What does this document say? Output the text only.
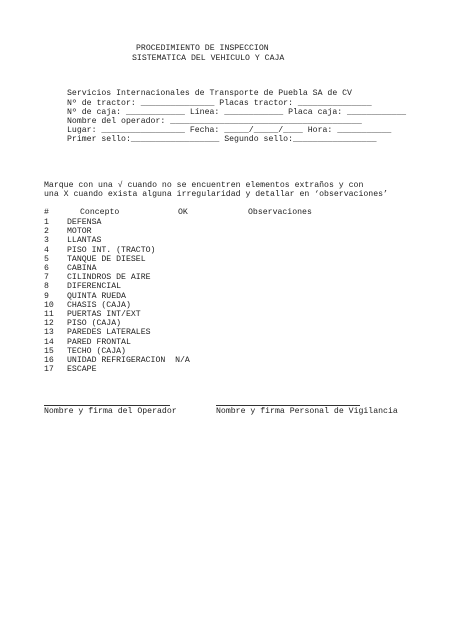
PROCEDIMIENTO DE INSPECCION
SISTEMATICA DEL VEHICULO Y CAJA
Servicios Internacionales de Transporte de Puebla SA de CV
Nº de tractor: _______________ Placas tractor: _______________
Nº de caja: ____________ Línea: ____________ Placa caja: ____________
Nombre del operador: _______________________________________
Lugar: _________________ Fecha: _____/_____/____ Hora: ___________
Primer sello:__________________ Segundo sello:_________________
Marque con una √ cuando no se encuentren elementos extraños y con
una X cuando exista alguna irregularidad y detallar en ‘observaciones’
#	Concepto	OK	Observaciones
1 DEFENSA
2 MOTOR
3 LLANTAS
4 PISO INT. (TRACTO)
5 TANQUE DE DIESEL
6 CABINA
7 CILINDROS DE AIRE
8 DIFERENCIAL
9 QUINTA RUEDA
10 CHASIS (CAJA)
11 PUERTAS INT/EXT
12 PISO (CAJA)
13 PAREDES LATERALES
14 PARED FRONTAL
15 TECHO (CAJA)
16 UNIDAD REFRIGERACION  N/A
17 ESCAPE
Nombre y firma del Operador	Nombre y firma Personal de Vigilancia
